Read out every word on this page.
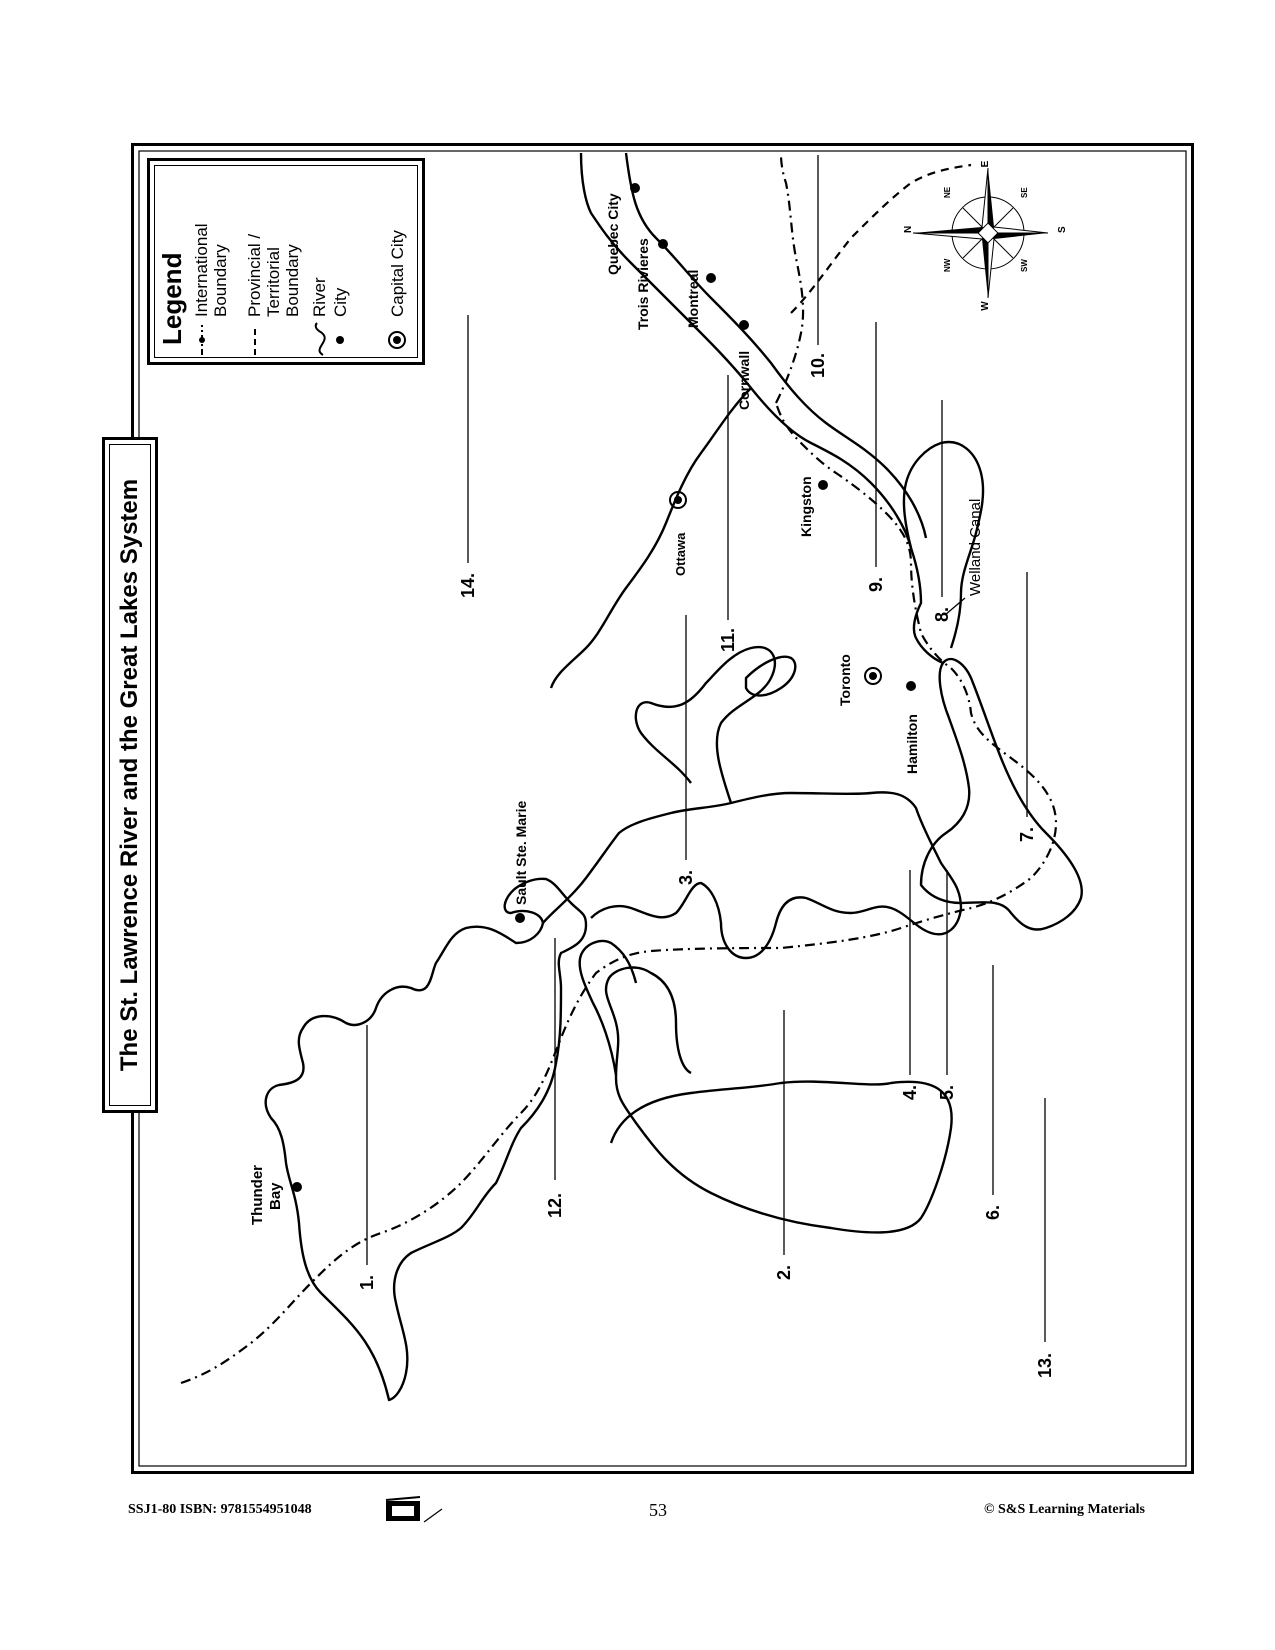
The St. Lawrence River and the Great Lakes System
Legend International Boundary Provincial / Territorial Boundary River City Capital City
N	S
E
W
NE
NW
SE
SW
Thunder Bay
Sault Ste. Marie
Ottawa
Toronto
Hamilton
Kingston
Cornwall
Montreal
Trois Rivieres
Quebec City
Welland Canal
1.
2.
3.
4. 5.
6.
7.
8.
9.
10.
11.
12.
13.
14.
SSJ1-80 ISBN: 9781554951048	53	© S&S Learning Materials
